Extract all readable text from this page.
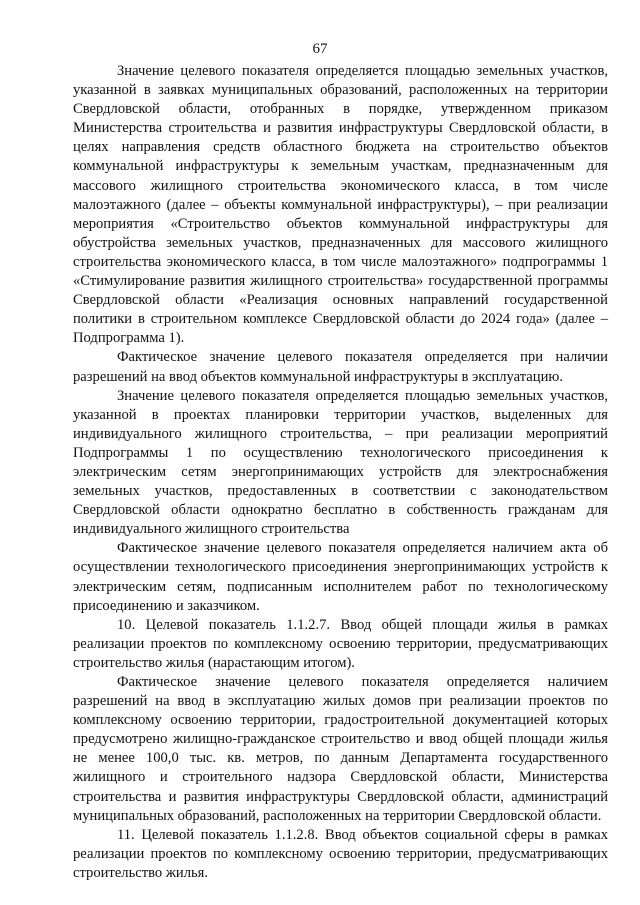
67

Значение целевого показателя определяется площадью земельных участков, указанной в заявках муниципальных образований, расположенных на территории Свердловской области, отобранных в порядке, утвержденном приказом Министерства строительства и развития инфраструктуры Свердловской области, в целях направления средств областного бюджета на строительство объектов коммунальной инфраструктуры к земельным участкам, предназначенным для массового жилищного строительства экономического класса, в том числе малоэтажного (далее – объекты коммунальной инфраструктуры), – при реализации мероприятия «Строительство объектов коммунальной инфраструктуры для обустройства земельных участков, предназначенных для массового жилищного строительства экономического класса, в том числе малоэтажного» подпрограммы 1 «Стимулирование развития жилищного строительства» государственной программы Свердловской области «Реализация основных направлений государственной политики в строительном комплексе Свердловской области до 2024 года» (далее – Подпрограмма 1).

Фактическое значение целевого показателя определяется при наличии разрешений на ввод объектов коммунальной инфраструктуры в эксплуатацию.

Значение целевого показателя определяется площадью земельных участков, указанной в проектах планировки территории участков, выделенных для индивидуального жилищного строительства, – при реализации мероприятий Подпрограммы 1 по осуществлению технологического присоединения к электрическим сетям энергопринимающих устройств для электроснабжения земельных участков, предоставленных в соответствии с законодательством Свердловской области однократно бесплатно в собственность гражданам для индивидуального жилищного строительства

Фактическое значение целевого показателя определяется наличием акта об осуществлении технологического присоединения энергопринимающих устройств к электрическим сетям, подписанным исполнителем работ по технологическому присоединению и заказчиком.

10. Целевой показатель 1.1.2.7. Ввод общей площади жилья в рамках реализации проектов по комплексному освоению территории, предусматривающих строительство жилья (нарастающим итогом).

Фактическое значение целевого показателя определяется наличием разрешений на ввод в эксплуатацию жилых домов при реализации проектов по комплексному освоению территории, градостроительной документацией которых предусмотрено жилищно-гражданское строительство и ввод общей площади жилья не менее 100,0 тыс. кв. метров, по данным Департамента государственного жилищного и строительного надзора Свердловской области, Министерства строительства и развития инфраструктуры Свердловской области, администраций муниципальных образований, расположенных на территории Свердловской области.

11. Целевой показатель 1.1.2.8. Ввод объектов социальной сферы в рамках реализации проектов по комплексному освоению территории, предусматривающих строительство жилья.
